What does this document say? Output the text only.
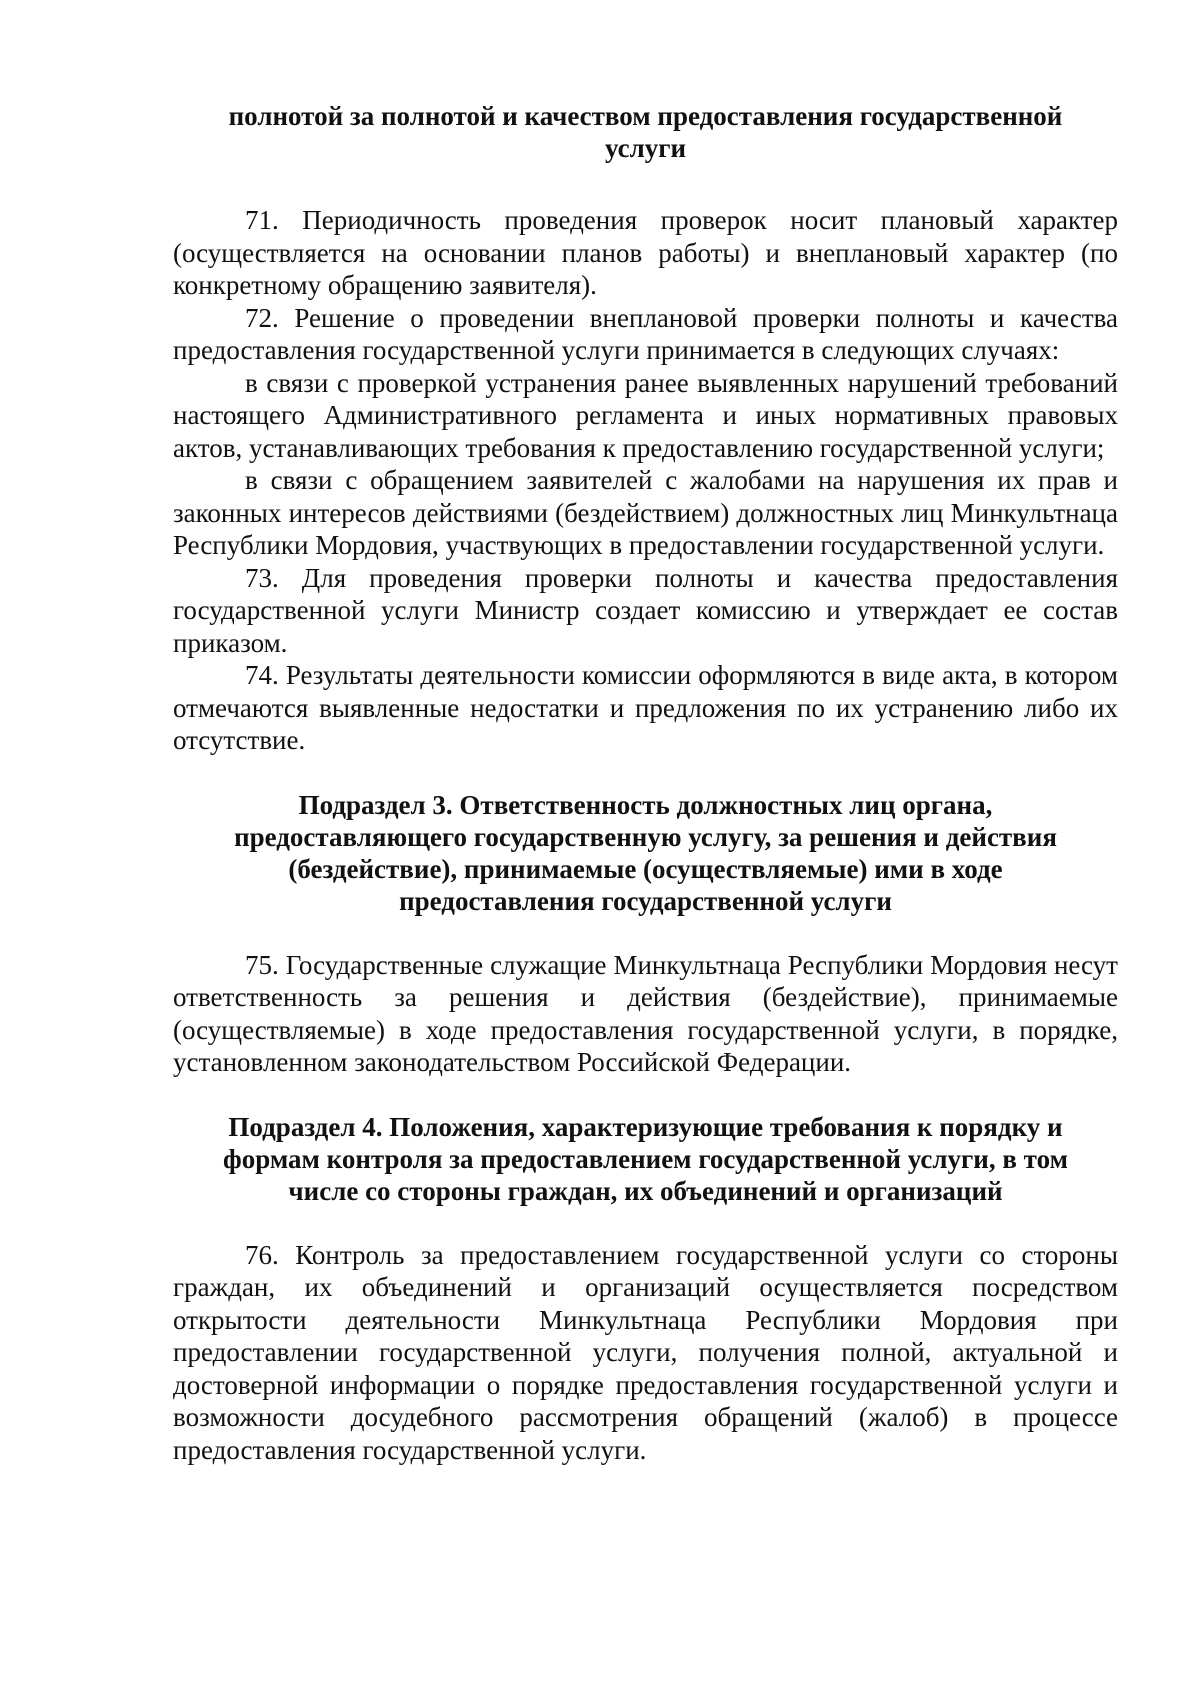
полнотой за полнотой и качеством предоставления государственной
услуги

71. Периодичность проведения проверок носит плановый характер (осуществляется на основании планов работы) и внеплановый характер (по конкретному обращению заявителя).

72. Решение о проведении внеплановой проверки полноты и качества предоставления государственной услуги принимается в следующих случаях:

в связи с проверкой устранения ранее выявленных нарушений требований настоящего Административного регламента и иных нормативных правовых актов, устанавливающих требования к предоставлению государственной услуги;

в связи с обращением заявителей с жалобами на нарушения их прав и законных интересов действиями (бездействием) должностных лиц Минкультнаца Республики Мордовия, участвующих в предоставлении государственной услуги.

73. Для проведения проверки полноты и качества предоставления государственной услуги Министр создает комиссию и утверждает ее состав приказом.

74. Результаты деятельности комиссии оформляются в виде акта, в котором отмечаются выявленные недостатки и предложения по их устранению либо их отсутствие.

Подраздел 3. Ответственность должностных лиц органа,
предоставляющего государственную услугу, за решения и действия
(бездействие), принимаемые (осуществляемые) ими в ходе
предоставления государственной услуги

75. Государственные служащие Минкультнаца Республики Мордовия несут ответственность за решения и действия (бездействие), принимаемые (осуществляемые) в ходе предоставления государственной услуги, в порядке, установленном законодательством Российской Федерации.

Подраздел 4. Положения, характеризующие требования к порядку и
формам контроля за предоставлением государственной услуги, в том
числе со стороны граждан, их объединений и организаций

76. Контроль за предоставлением государственной услуги со стороны граждан, их объединений и организаций осуществляется посредством открытости деятельности Минкультнаца Республики Мордовия при предоставлении государственной услуги, получения полной, актуальной и достоверной информации о порядке предоставления государственной услуги и возможности досудебного рассмотрения обращений (жалоб) в процессе предоставления государственной услуги.
